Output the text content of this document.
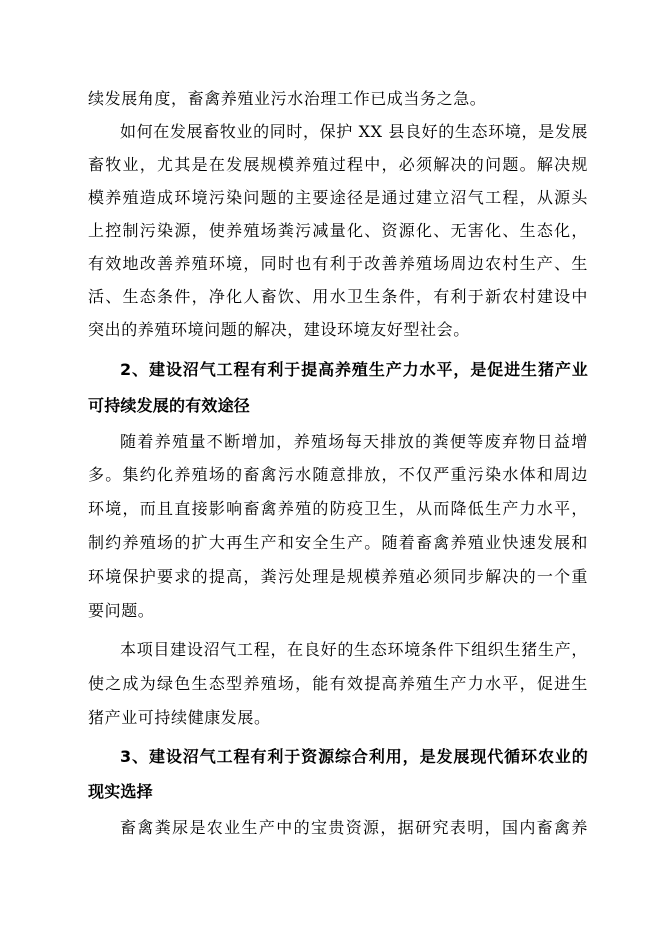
续发展角度，畜禽养殖业污水治理工作已成当务之急。
如何在发展畜牧业的同时，保护 XX 县良好的生态环境，是发展
畜牧业，尤其是在发展规模养殖过程中，必须解决的问题。解决规
模养殖造成环境污染问题的主要途径是通过建立沼气工程，从源头
上控制污染源，使养殖场粪污减量化、资源化、无害化、生态化，
有效地改善养殖环境，同时也有利于改善养殖场周边农村生产、生
活、生态条件，净化人畜饮、用水卫生条件，有利于新农村建设中
突出的养殖环境问题的解决，建设环境友好型社会。
2、建设沼气工程有利于提高养殖生产力水平，是促进生猪产业
可持续发展的有效途径
随着养殖量不断增加，养殖场每天排放的粪便等废弃物日益增
多。集约化养殖场的畜禽污水随意排放，不仅严重污染水体和周边
环境，而且直接影响畜禽养殖的防疫卫生，从而降低生产力水平，
制约养殖场的扩大再生产和安全生产。随着畜禽养殖业快速发展和
环境保护要求的提高，粪污处理是规模养殖必须同步解决的一个重
要问题。
本项目建设沼气工程，在良好的生态环境条件下组织生猪生产，
使之成为绿色生态型养殖场，能有效提高养殖生产力水平，促进生
猪产业可持续健康发展。
3、建设沼气工程有利于资源综合利用，是发展现代循环农业的
现实选择
畜禽粪尿是农业生产中的宝贵资源，据研究表明，国内畜禽养
